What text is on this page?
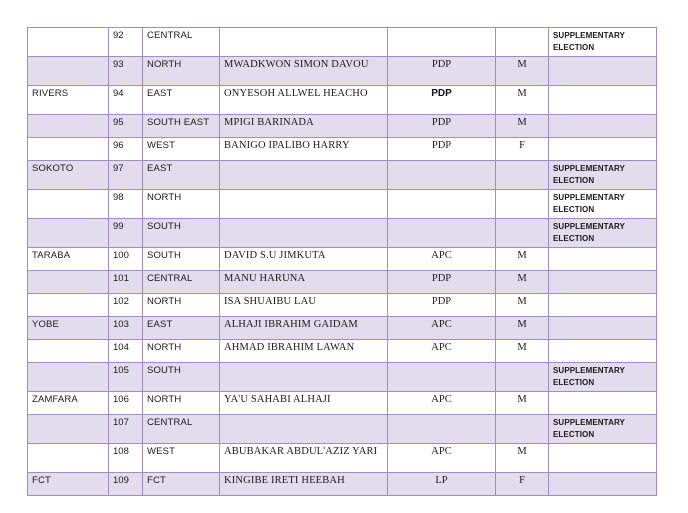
	92	CENTRAL				SUPPLEMENTARY ELECTION
	93	NORTH	MWADKWON SIMON DAVOU	PDP	M	
RIVERS	94	EAST	ONYESOH ALLWEL HEACHO	PDP	M	
	95	SOUTH EAST	MPIGI BARINADA	PDP	M	
	96	WEST	BANIGO IPALIBO HARRY	PDP	F	
SOKOTO	97	EAST				SUPPLEMENTARY ELECTION
	98	NORTH				SUPPLEMENTARY ELECTION
	99	SOUTH				SUPPLEMENTARY ELECTION
TARABA	100	SOUTH	DAVID S.U JIMKUTA	APC	M	
	101	CENTRAL	MANU HARUNA	PDP	M	
	102	NORTH	ISA SHUAIBU LAU	PDP	M	
YOBE	103	EAST	ALHAJI IBRAHIM GAIDAM	APC	M	
	104	NORTH	AHMAD IBRAHIM LAWAN	APC	M	
	105	SOUTH				SUPPLEMENTARY ELECTION
ZAMFARA	106	NORTH	YA'U SAHABI ALHAJI	APC	M	
	107	CENTRAL				SUPPLEMENTARY ELECTION
	108	WEST	ABUBAKAR ABDUL'AZIZ YARI	APC	M	
FCT	109	FCT	KINGIBE IRETI HEEBAH	LP	F	
